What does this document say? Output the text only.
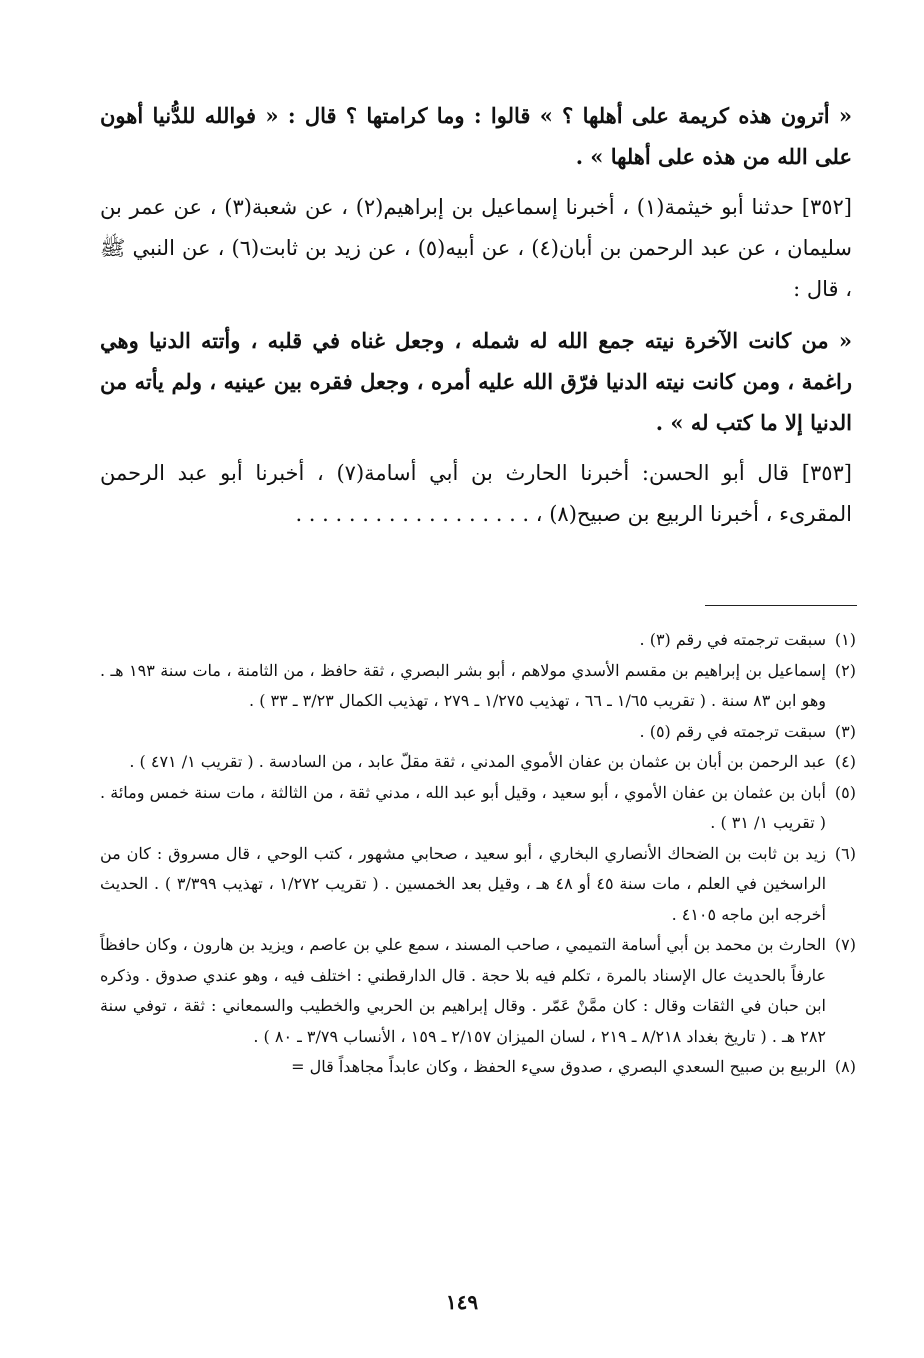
« أترون هذه كريمة على أهلها ؟ » قالوا : وما كرامتها ؟ قال : « فوالله للدُّنيا أهون على الله من هذه على أهلها » .

[٣٥٢] حدثنا أبو خيثمة(١) ، أخبرنا إسماعيل بن إبراهيم(٢) ، عن شعبة(٣) ، عن عمر بن سليمان ، عن عبد الرحمن بن أبان(٤) ، عن أبيه(٥) ، عن زيد بن ثابت(٦) ، عن النبي ﷺ ، قال :

« من كانت الآخرة نيته جمع الله له شمله ، وجعل غناه في قلبه ، وأتته الدنيا وهي راغمة ، ومن كانت نيته الدنيا فرّق الله عليه أمره ، وجعل فقره بين عينيه ، ولم يأته من الدنيا إلا ما كتب له » .

[٣٥٣] قال أبو الحسن: أخبرنا الحارث بن أبي أسامة(٧) ، أخبرنا أبو عبد الرحمن المقرىء ، أخبرنا الربيع بن صبيح(٨) ، . . . . . . . . . . . . . . . . . .

(١)
سبقت ترجمته في رقم (٣) .

(٢)
إسماعيل بن إبراهيم بن مقسم الأسدي مولاهم ، أبو بشر البصري ، ثقة حافظ ، من الثامنة ، مات سنة ١٩٣ هـ . وهو ابن ٨٣ سنة . ( تقريب ١/٦٥ ـ ٦٦ ، تهذيب ١/٢٧٥ ـ ٢٧٩ ، تهذيب الكمال ٣/٢٣ ـ ٣٣ ) .

(٣)
سبقت ترجمته في رقم (٥) .

(٤)
عبد الرحمن بن أبان بن عثمان بن عفان الأموي المدني ، ثقة مقلّ عابد ، من السادسة . ( تقريب ١/ ٤٧١ ) .

(٥)
أبان بن عثمان بن عفان الأموي ، أبو سعيد ، وقيل أبو عبد الله ، مدني ثقة ، من الثالثة ، مات سنة خمس ومائة . ( تقريب ١/ ٣١ ) .

(٦)
زيد بن ثابت بن الضحاك الأنصاري البخاري ، أبو سعيد ، صحابي مشهور ، كتب الوحي ، قال مسروق : كان من الراسخين في العلم ، مات سنة ٤٥ أو ٤٨ هـ ، وقيل بعد الخمسين . ( تقريب ١/٢٧٢ ، تهذيب ٣/٣٩٩ ) . الحديث أخرجه ابن ماجه ٤١٠٥ .

(٧)
الحارث بن محمد بن أبي أسامة التميمي ، صاحب المسند ، سمع علي بن عاصم ، ويزيد بن هارون ، وكان حافظاً عارفاً بالحديث عال الإسناد بالمرة ، تكلم فيه بلا حجة . قال الدارقطني : اختلف فيه ، وهو عندي صدوق . وذكره ابن حبان في الثقات وقال : كان ممَّنْ عَمّر . وقال إبراهيم بن الحربي والخطيب والسمعاني : ثقة ، توفي سنة ٢٨٢ هـ . ( تاريخ بغداد ٨/٢١٨ ـ ٢١٩ ، لسان الميزان ٢/١٥٧ ـ ١٥٩ ، الأنساب ٣/٧٩ ـ ٨٠ ) .

(٨)
الربيع بن صبيح السعدي البصري ، صدوق سيء الحفظ ، وكان عابداً مجاهداً قال =

١٤٩
